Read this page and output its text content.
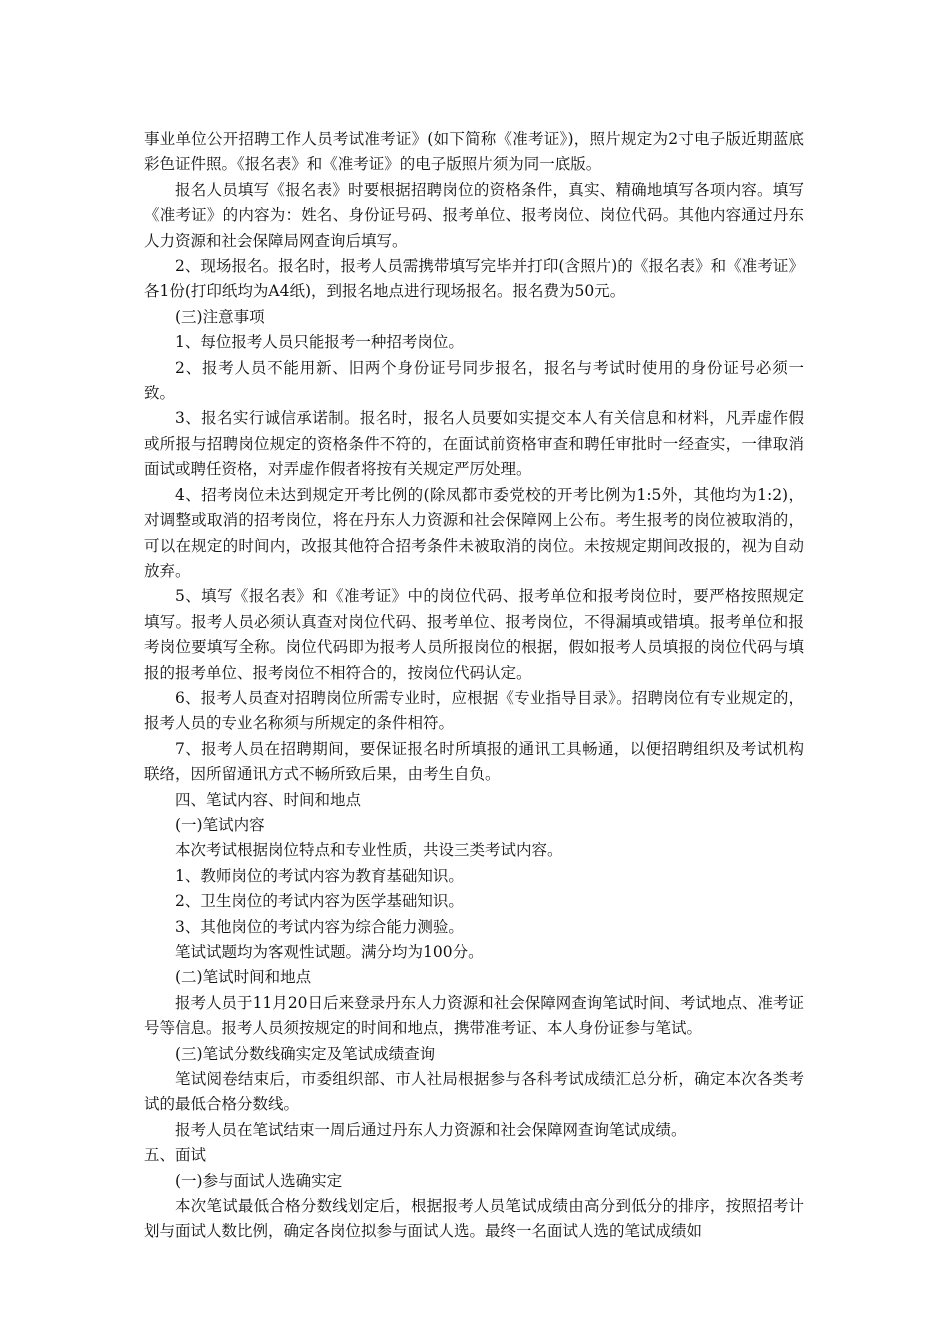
事业单位公开招聘工作人员考试准考证》(如下简称《准考证》)，照片规定为2寸电子版近期蓝底彩色证件照。《报名表》和《准考证》的电子版照片须为同一底版。

报名人员填写《报名表》时要根据招聘岗位的资格条件，真实、精确地填写各项内容。填写《准考证》的内容为：姓名、身份证号码、报考单位、报考岗位、岗位代码。其他内容通过丹东人力资源和社会保障局网查询后填写。

2、现场报名。报名时，报考人员需携带填写完毕并打印(含照片)的《报名表》和《准考证》各1份(打印纸均为A4纸)，到报名地点进行现场报名。报名费为50元。

(三)注意事项

1、每位报考人员只能报考一种招考岗位。

2、报考人员不能用新、旧两个身份证号同步报名，报名与考试时使用的身份证号必须一致。

3、报名实行诚信承诺制。报名时，报名人员要如实提交本人有关信息和材料，凡弄虚作假或所报与招聘岗位规定的资格条件不符的，在面试前资格审查和聘任审批时一经查实，一律取消面试或聘任资格，对弄虚作假者将按有关规定严厉处理。

4、招考岗位未达到规定开考比例的(除凤都市委党校的开考比例为1:5外，其他均为1:2)，对调整或取消的招考岗位，将在丹东人力资源和社会保障网上公布。考生报考的岗位被取消的，可以在规定的时间内，改报其他符合招考条件未被取消的岗位。未按规定期间改报的，视为自动放弃。

5、填写《报名表》和《准考证》中的岗位代码、报考单位和报考岗位时，要严格按照规定填写。报考人员必须认真查对岗位代码、报考单位、报考岗位，不得漏填或错填。报考单位和报考岗位要填写全称。岗位代码即为报考人员所报岗位的根据，假如报考人员填报的岗位代码与填报的报考单位、报考岗位不相符合的，按岗位代码认定。

6、报考人员查对招聘岗位所需专业时，应根据《专业指导目录》。招聘岗位有专业规定的，报考人员的专业名称须与所规定的条件相符。

7、报考人员在招聘期间，要保证报名时所填报的通讯工具畅通，以便招聘组织及考试机构联络，因所留通讯方式不畅所致后果，由考生自负。

四、笔试内容、时间和地点

(一)笔试内容

本次考试根据岗位特点和专业性质，共设三类考试内容。

1、教师岗位的考试内容为教育基础知识。

2、卫生岗位的考试内容为医学基础知识。

3、其他岗位的考试内容为综合能力测验。

笔试试题均为客观性试题。满分均为100分。

(二)笔试时间和地点

报考人员于11月20日后来登录丹东人力资源和社会保障网查询笔试时间、考试地点、准考证号等信息。报考人员须按规定的时间和地点，携带准考证、本人身份证参与笔试。

(三)笔试分数线确实定及笔试成绩查询

笔试阅卷结束后，市委组织部、市人社局根据参与各科考试成绩汇总分析，确定本次各类考试的最低合格分数线。

报考人员在笔试结束一周后通过丹东人力资源和社会保障网查询笔试成绩。

五、面试

(一)参与面试人选确实定

本次笔试最低合格分数线划定后，根据报考人员笔试成绩由高分到低分的排序，按照招考计划与面试人数比例，确定各岗位拟参与面试人选。最终一名面试人选的笔试成绩如
